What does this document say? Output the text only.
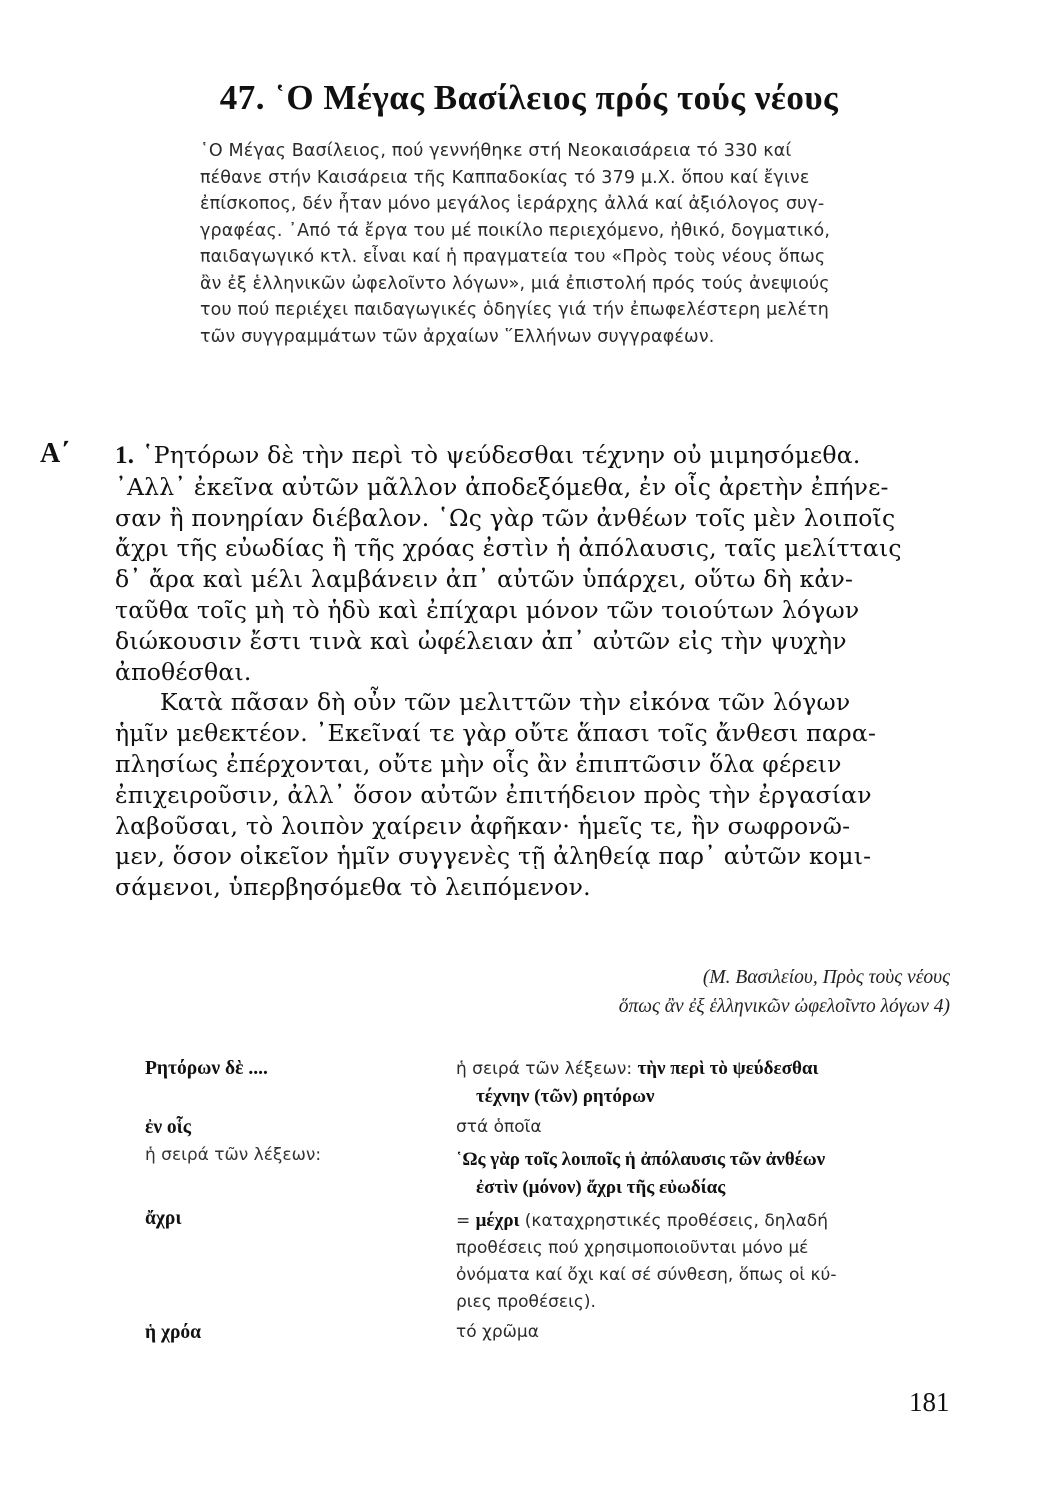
47. ῾Ο Μέγας Βασίλειος πρός τούς νέους
῾Ο Μέγας Βασίλειος, πού γεννήθηκε στή Νεοκαισάρεια τό 330 καί
πέθανε στήν Καισάρεια τῆς Καππαδοκίας τό 379 μ.Χ. ὅπου καί ἔγινε
ἐπίσκοπος, δέν ἦταν μόνο μεγάλος ἱεράρχης ἀλλά καί ἀξιόλογος συγ-
γραφέας. ᾿Από τά ἔργα του μέ ποικίλο περιεχόμενο, ἠθικό, δογματικό,
παιδαγωγικό κτλ. εἶναι καί ἡ πραγματεία του «Πρὸς τοὺς νέους ὅπως
ἂν ἐξ ἑλληνικῶν ὠφελοῖντο λόγων», μιά ἐπιστολή πρός τούς ἀνεψιούς
του πού περιέχει παιδαγωγικές ὁδηγίες γιά τήν ἐπωφελέστερη μελέτη
τῶν συγγραμμάτων τῶν ἀρχαίων ῞Ελλήνων συγγραφέων.
Α΄ 1. ῾Ρητόρων δὲ τὴν περὶ τὸ ψεύδεσθαι τέχνην οὐ μιμησόμεθα.
᾿Αλλ᾿ ἐκεῖνα αὐτῶν μᾶλλον ἀποδεξόμεθα, ἐν οἷς ἀρετὴν ἐπήνε-
σαν ἢ πονηρίαν διέβαλον. ῾Ως γὰρ τῶν ἀνθέων τοῖς μὲν λοιποῖς
ἄχρι τῆς εὐωδίας ἢ τῆς χρόας ἐστὶν ἡ ἀπόλαυσις, ταῖς μελίτταις
δ᾿ ἄρα καὶ μέλι λαμβάνειν ἀπ᾿ αὐτῶν ὑπάρχει, οὕτω δὴ κἀν-
ταῦθα τοῖς μὴ τὸ ἡδὺ καὶ ἐπίχαρι μόνον τῶν τοιούτων λόγων
διώκουσιν ἔστι τινὰ καὶ ὠφέλειαν ἀπ᾿ αὐτῶν εἰς τὴν ψυχὴν
ἀποθέσθαι.
Κατὰ πᾶσαν δὴ οὖν τῶν μελιττῶν τὴν εἰκόνα τῶν λόγων
ἡμῖν μεθεκτέον. ᾿Εκεῖναί τε γὰρ οὔτε ἅπασι τοῖς ἄνθεσι παρα-
πλησίως ἐπέρχονται, οὔτε μὴν οἷς ἂν ἐπιπτῶσιν ὅλα φέρειν
ἐπιχειροῦσιν, ἀλλ᾿ ὅσον αὐτῶν ἐπιτήδειον πρὸς τὴν ἐργασίαν
λαβοῦσαι, τὸ λοιπὸν χαίρειν ἀφῆκαν· ἡμεῖς τε, ἢν σωφρονῶ-
μεν, ὅσον οἰκεῖον ἡμῖν συγγενὲς τῇ ἀληθείᾳ παρ᾿ αὐτῶν κομι-
σάμενοι, ὑπερβησόμεθα τὸ λειπόμενον.
(Μ. Βασιλείου, Πρὸς τοὺς νέους
ὅπως ἂν ἐξ ἑλληνικῶν ὠφελοῖντο λόγων 4)
Ρητόρων δὲ ....	ἡ σειρά τῶν λέξεων: τὴν περὶ τὸ ψεύδεσθαι
τέχνην (τῶν) ρητόρων
ἐν οἷς	στά ὁποῖα
ἡ σειρά τῶν λέξεων:	῾Ως γὰρ τοῖς λοιποῖς ἡ ἀπόλαυσις τῶν ἀνθέων
ἐστὶν (μόνον) ἄχρι τῆς εὐωδίας
ἄχρι	= μέχρι (καταχρηστικές προθέσεις, δηλαδή
προθέσεις πού χρησιμοποιοῦνται μόνο μέ
ὀνόματα καί ὄχι καί σέ σύνθεση, ὅπως οἱ κύ-
ριες προθέσεις).
ἡ χρόα	τό χρῶμα
181
